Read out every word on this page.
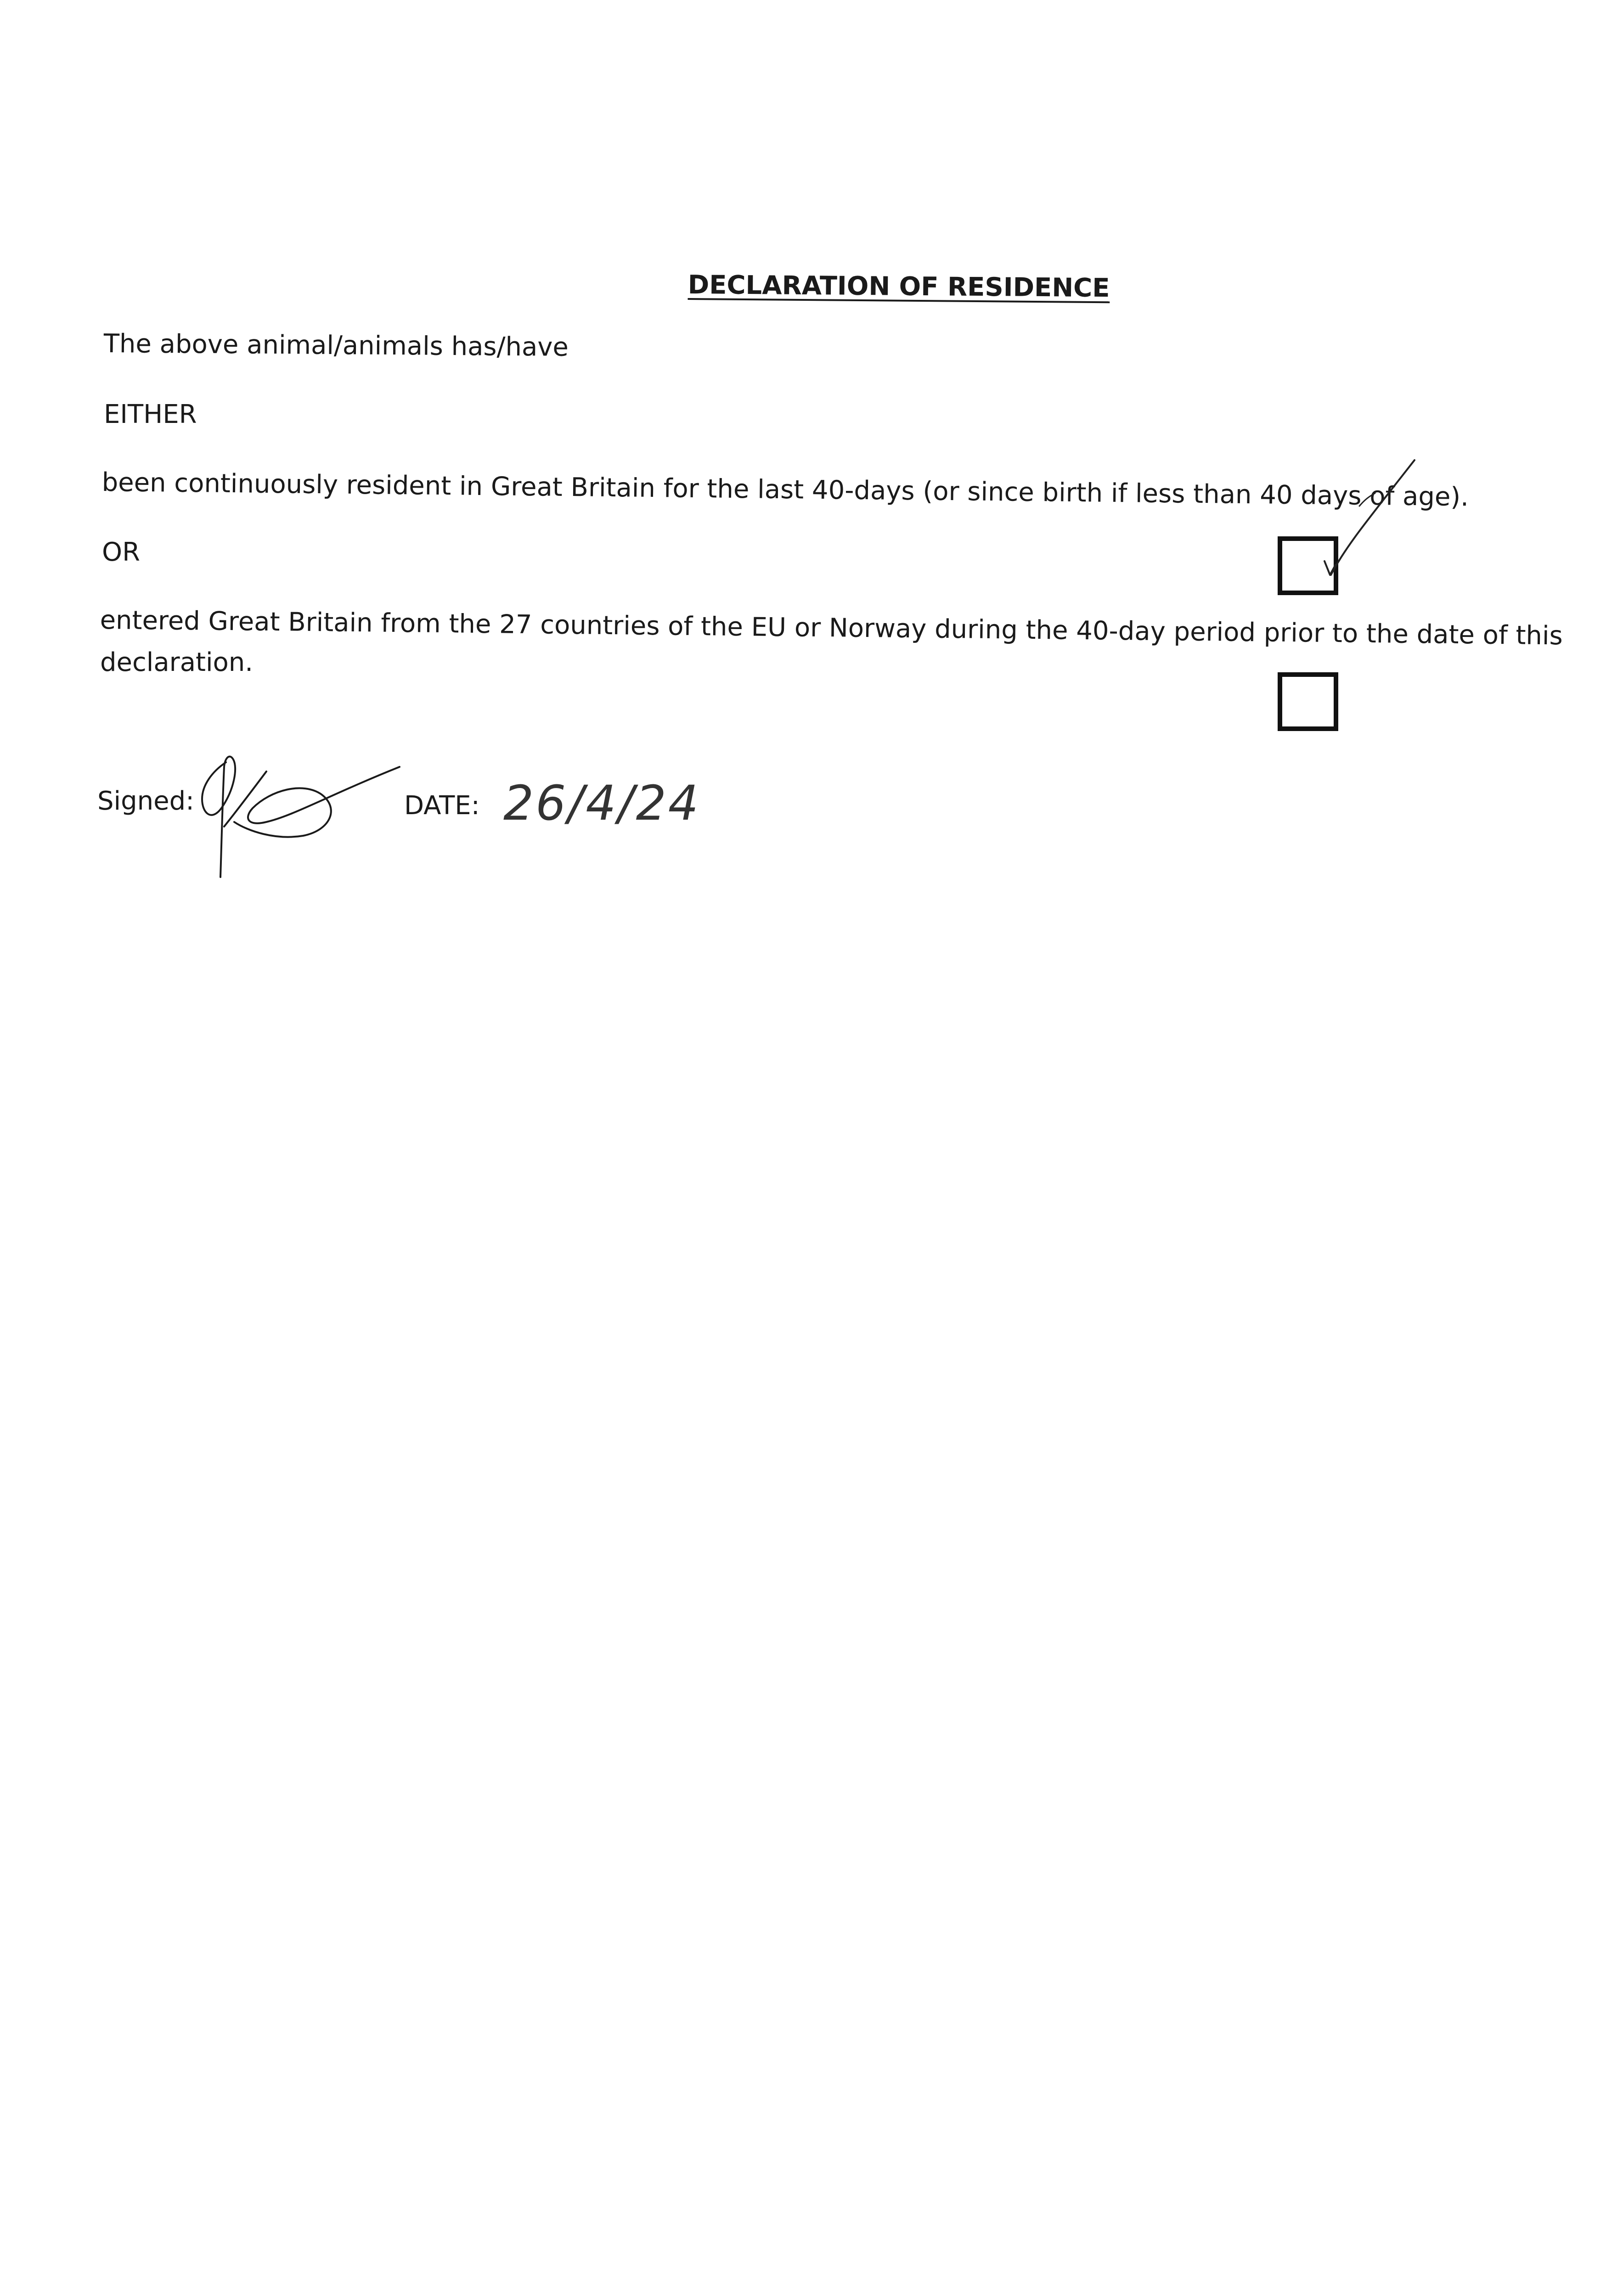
DECLARATION OF RESIDENCE
The above animal/animals has/have
EITHER
been continuously resident in Great Britain for the last 40-days (or since birth if less than 40 days of age).
OR
entered Great Britain from the 27 countries of the EU or Norway during the 40-day period prior to the date of this
declaration.
Signed:	DATE: 26/4/24
